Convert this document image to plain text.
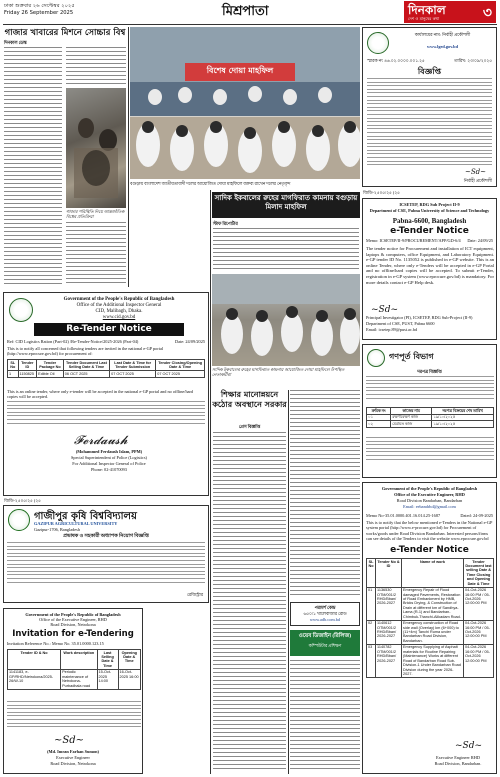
ঢাকা শুক্রবার ২৬ সেপ্টেম্বর ২০২৫
Friday 26 September 2025	মিশ্রপাতা	দিনকাল	৩
দেশ ও মানুষের কথা
গাজার খাবারের মিশনে সোচ্চার বিশ্ব
দিনকাল ডেস্ক
গাজার পরিস্থিতি নিয়ে আন্তর্জাতিক বিশ্বের প্রতিক্রিয়া
বিশেষ দোয়া মাহফিল
বগুড়ায় বাংলাদেশ জাতীয়তাবাদী দলের আয়োজিত দোয়া মাহফিলে বক্তব্য রাখেন দলের নেতৃবৃন্দ
কার্যালয়ের নাম: নির্বাহী প্রকৌশলী
www.lged.gov.bd
স্মারক নং ৪৬.০২.০০০০.০০১.২৫	তারিখ: ২৩/০৯/২০২৫
বিজ্ঞপ্তি
~Sd~
নির্বাহী প্রকৌশলী
Government of the People's Republic of Bangladesh
Office of the Additional Inspector General
CID, Malibagh, Dhaka.
www.cid.gov.bd
Re-Tender Notice
Ref: CID Logistics Ration (Part-02) /Re-Tender-Notice/2025-2026 (Part-04)	Date: 24/09/2025
This is to notify all concerned that following tenders are invited in the national e-GP portal (http://www.eprocure.gov.bd) for procurement of:
SL No	Tender ID	Tender Package No	Tender Document Last Selling Date & Time	Last Date & Time for Tender Submission	Tender Closing/Opening Date & Time
1	1150825	Edible Oil	06 OCT 2025	07 OCT 2025	07 OCT 2025
This is an online tender, where only e-tender will be accepted in the national e-GP portal and no offline/hard copies will be accepted.
𝓕𝓮𝓻𝓭𝓪𝓾𝓼𝓱
(Mohammed Ferdaush Islam, PPM)
Special Superintendent of Police (Logistics)
For Additional Inspector General of Police
Phone: 02-41070093
জিডি-২৫০৫/২৫ (২৫
গাজীপুর কৃষি বিশ্ববিদ্যালয়
GAZIPUR AGRICULTURAL UNIVERSITY
Gazipur-1706, Bangladesh
প্রভাষক ও সহকারী অধ্যাপক নিয়োগ বিজ্ঞপ্তি
রেজিস্ট্রার
Government of the People's Republic of Bangladesh
Office of the Executive Engineer, RHD
Road Division, Netrokona
Invitation for e-Tendering
Invitation Reference No.: Memo No. 35.01.0000.123.15
Tender ID & No	Work description	Last Selling Date & Time	Opening Date & Time
1141183, e-GP/RHD/Netrokona/2025-26/W-10	Periodic maintenance of Netrokona-Purbadhala road	15-Oct-2025 14:00	16-Oct-2025 16:00
~Sd~
(Md. Imran Farhan Sumon)
Executive Engineer
Road Division, Netrokona
সাদিক ইকবালের রুহের মাগফিরাত কামনায় বগুড়ায় মিলাদ মাহফিল
স্টাফ রিপোর্টার
সাদিক ইকবালের রুহের মাগফিরাত কামনায় আয়োজিত দোয়া মাহফিলে উপস্থিত নেতাকর্মীরা
শিক্ষার মানোন্নয়নে কঠোর অবস্থানে সরকার
প্রেস বিজ্ঞপ্তি
পরামর্শ কেন্দ্র
৬৫০/১ খালেবাজার রোড
www.adb.com.bd
ওয়েব ডিজাইন (রিলিজ)
কম্পিউটার প্রশিক্ষণ
জিডি-২৫০৫/২৫ (২৫
ICSETEP, RDG Sub Project II-9
Department of CSE, Pabna University of Science and Technology
Pabna-6600, Bangladesh
e-Tender Notice
Memo: ICSETEP/II-9/PROCUREMENT/APP/GD-6/4 Date: 24/09/25
The tender notice for Procurement and installation of ICT equipment, laptops & computers, office Equipment, and Laboratory Equipment. e-GP tender ID No. 1135052 is published in e-GP website. This is an online Tender, where only e-Tenders will be accepted in e-GP Portal and no offline/hard copies will be accepted. To submit e-Tender, registration in e-GP system (www.eprocure.gov.bd) is mandatory. For more details contact e-GP Help desk.
~Sd~
Principal Investigator (PI), ICSETEP, RDG Sub-Project (II-9)
Department of CSE, PUST, Pabna 6600
Email: icsetep.89@pust.ac.bd
গণপূর্ত বিভাগ
দরপত্র বিজ্ঞপ্তি
ক্রমিক নং	কাজের নাম	দরপত্র বিক্রয়ের শেষ তারিখ
০১	রক্ষণাবেক্ষণ কাজ	১৯/১০/২০২৫
০২	মেরামত কাজ	১৯/১০/২০২৫
Government of the People's Republic of Bangladesh
Office of the Executive Engineer, RHD
Road Division Bandarban, Bandarban
Email: eebandrhd@gmail.com
Memo No-35.01.0000.401.16.014.25-1687	Dated: 24-09-2025
This is to notify that the below mentioned e-Tenders in the National e-GP system portal (http://www.e-procure.gov.bd) for Procurement of works/goods under Road Division Bandarban. Interested persons/firms can see details of the Tenders to visit the website www.eprocure.gov.bd
e-Tender Notice
SL No	Tender No & ID	Name of work	Tender Document last selling Date & Time Closing and Opening Date & Time
01	1136530 OTM/001/2 RHD/Bban/ 2026-2027	Emergency Repair of Flood damaged Pavements, Restoration of Road Embankment by HMB, Bricks Drying, & Construction of Drain at different km of Sandhya-Lama (R-1) and Bandarban-Chimbuk-Thanchi-Alikadam Road.	04-Oct-2026 16:00 PM / 05-Oct-2026 12:00:00 PM
02	1140612 OTM/001/2 RHD/Bban/ 2026-2027	Emergency construction of Road side wall (Overlay) km (6+000) to (11+4m) Tanchi Ruma under Bandarban Road Division, Bandarban.	04-Oct-2026 16:00 PM / 05-Oct-2026 12:00:00 PM
03	1140782 OTM/001/2 RHD/Bban/ 2026-2027	Emergency Supplying of Asphalt materials for Routine Repairing (Maintenance) Works at different Road of Bandarban Road Sub-Division-1 Under Bandarban Road Division during the year 2026-2027.	04-Oct-2026 16:00 PM / 05-Oct-2026 12:00:00 PM
~Sd~
Executive Engineer RHD
Road Division, Bandarban.
